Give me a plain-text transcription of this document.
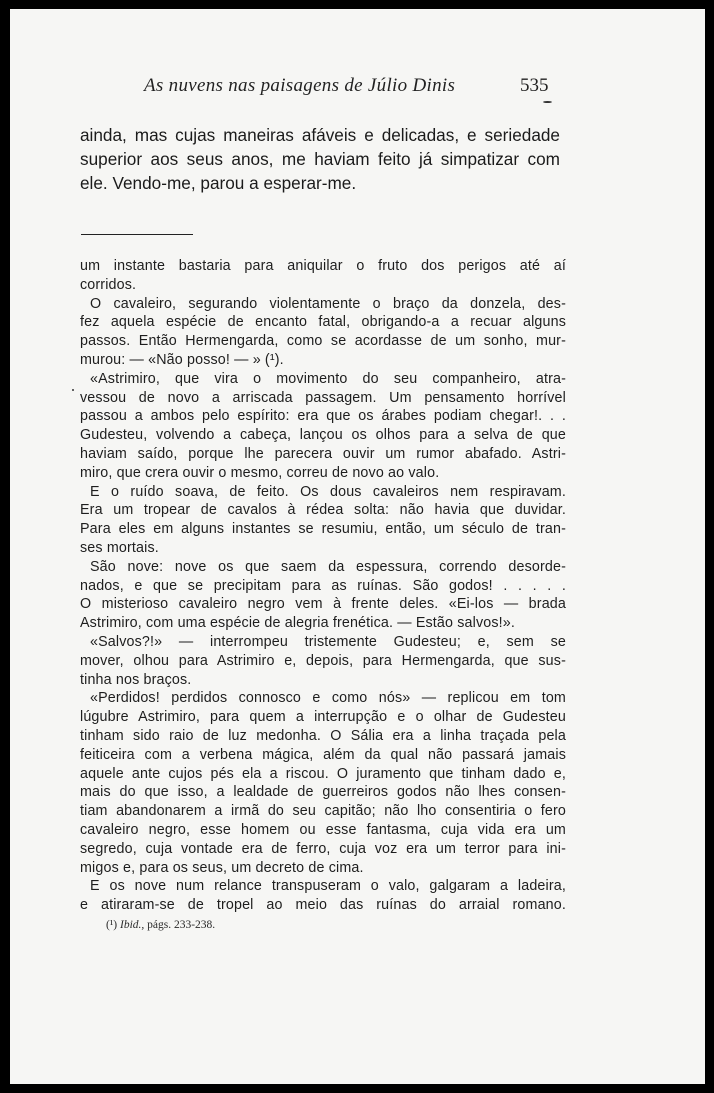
As nuvens nas paisagens de Júlio Dinis	535
ainda, mas cujas maneiras afáveis e delicadas, e seriedade
superior aos seus anos, me haviam feito já simpatizar com
ele. Vendo-me, parou a esperar-me.
um instante bastaria para aniquilar o fruto dos perigos até aí
corridos.
O cavaleiro, segurando violentamente o braço da donzela, des-
fez aquela espécie de encanto fatal, obrigando-a a recuar alguns
passos. Então Hermengarda, como se acordasse de um sonho, mur-
murou: — «Não posso! — » (¹).
«Astrimiro, que vira o movimento do seu companheiro, atra-
vessou de novo a arriscada passagem. Um pensamento horrível
passou a ambos pelo espírito: era que os árabes podiam chegar!. . .
Gudesteu, volvendo a cabeça, lançou os olhos para a selva de que
haviam saído, porque lhe parecera ouvir um rumor abafado. Astri-
miro, que crera ouvir o mesmo, correu de novo ao valo.
E o ruído soava, de feito. Os dous cavaleiros nem respiravam.
Era um tropear de cavalos à rédea solta: não havia que duvidar.
Para eles em alguns instantes se resumiu, então, um século de tran-
ses mortais.
São nove: nove os que saem da espessura, correndo desorde-
nados, e que se precipitam para as ruínas. São godos! . . . . .
O misterioso cavaleiro negro vem à frente deles. «Ei-los — brada
Astrimiro, com uma espécie de alegria frenética. — Estão salvos!».
«Salvos?!» — interrompeu tristemente Gudesteu; e, sem se
mover, olhou para Astrimiro e, depois, para Hermengarda, que sus-
tinha nos braços.
«Perdidos! perdidos connosco e como nós» — replicou em tom
lúgubre Astrimiro, para quem a interrupção e o olhar de Gudesteu
tinham sido raio de luz medonha. O Sália era a linha traçada pela
feiticeira com a verbena mágica, além da qual não passará jamais
aquele ante cujos pés ela a riscou. O juramento que tinham dado e,
mais do que isso, a lealdade de guerreiros godos não lhes consen-
tiam abandonarem a irmã do seu capitão; não lho consentiria o fero
cavaleiro negro, esse homem ou esse fantasma, cuja vida era um
segredo, cuja vontade era de ferro, cuja voz era um terror para ini-
migos e, para os seus, um decreto de cima.
E os nove num relance transpuseram o valo, galgaram a ladeira,
e atiraram-se de tropel ao meio das ruínas do arraial romano.
(¹) Ibid., págs. 233-238.
